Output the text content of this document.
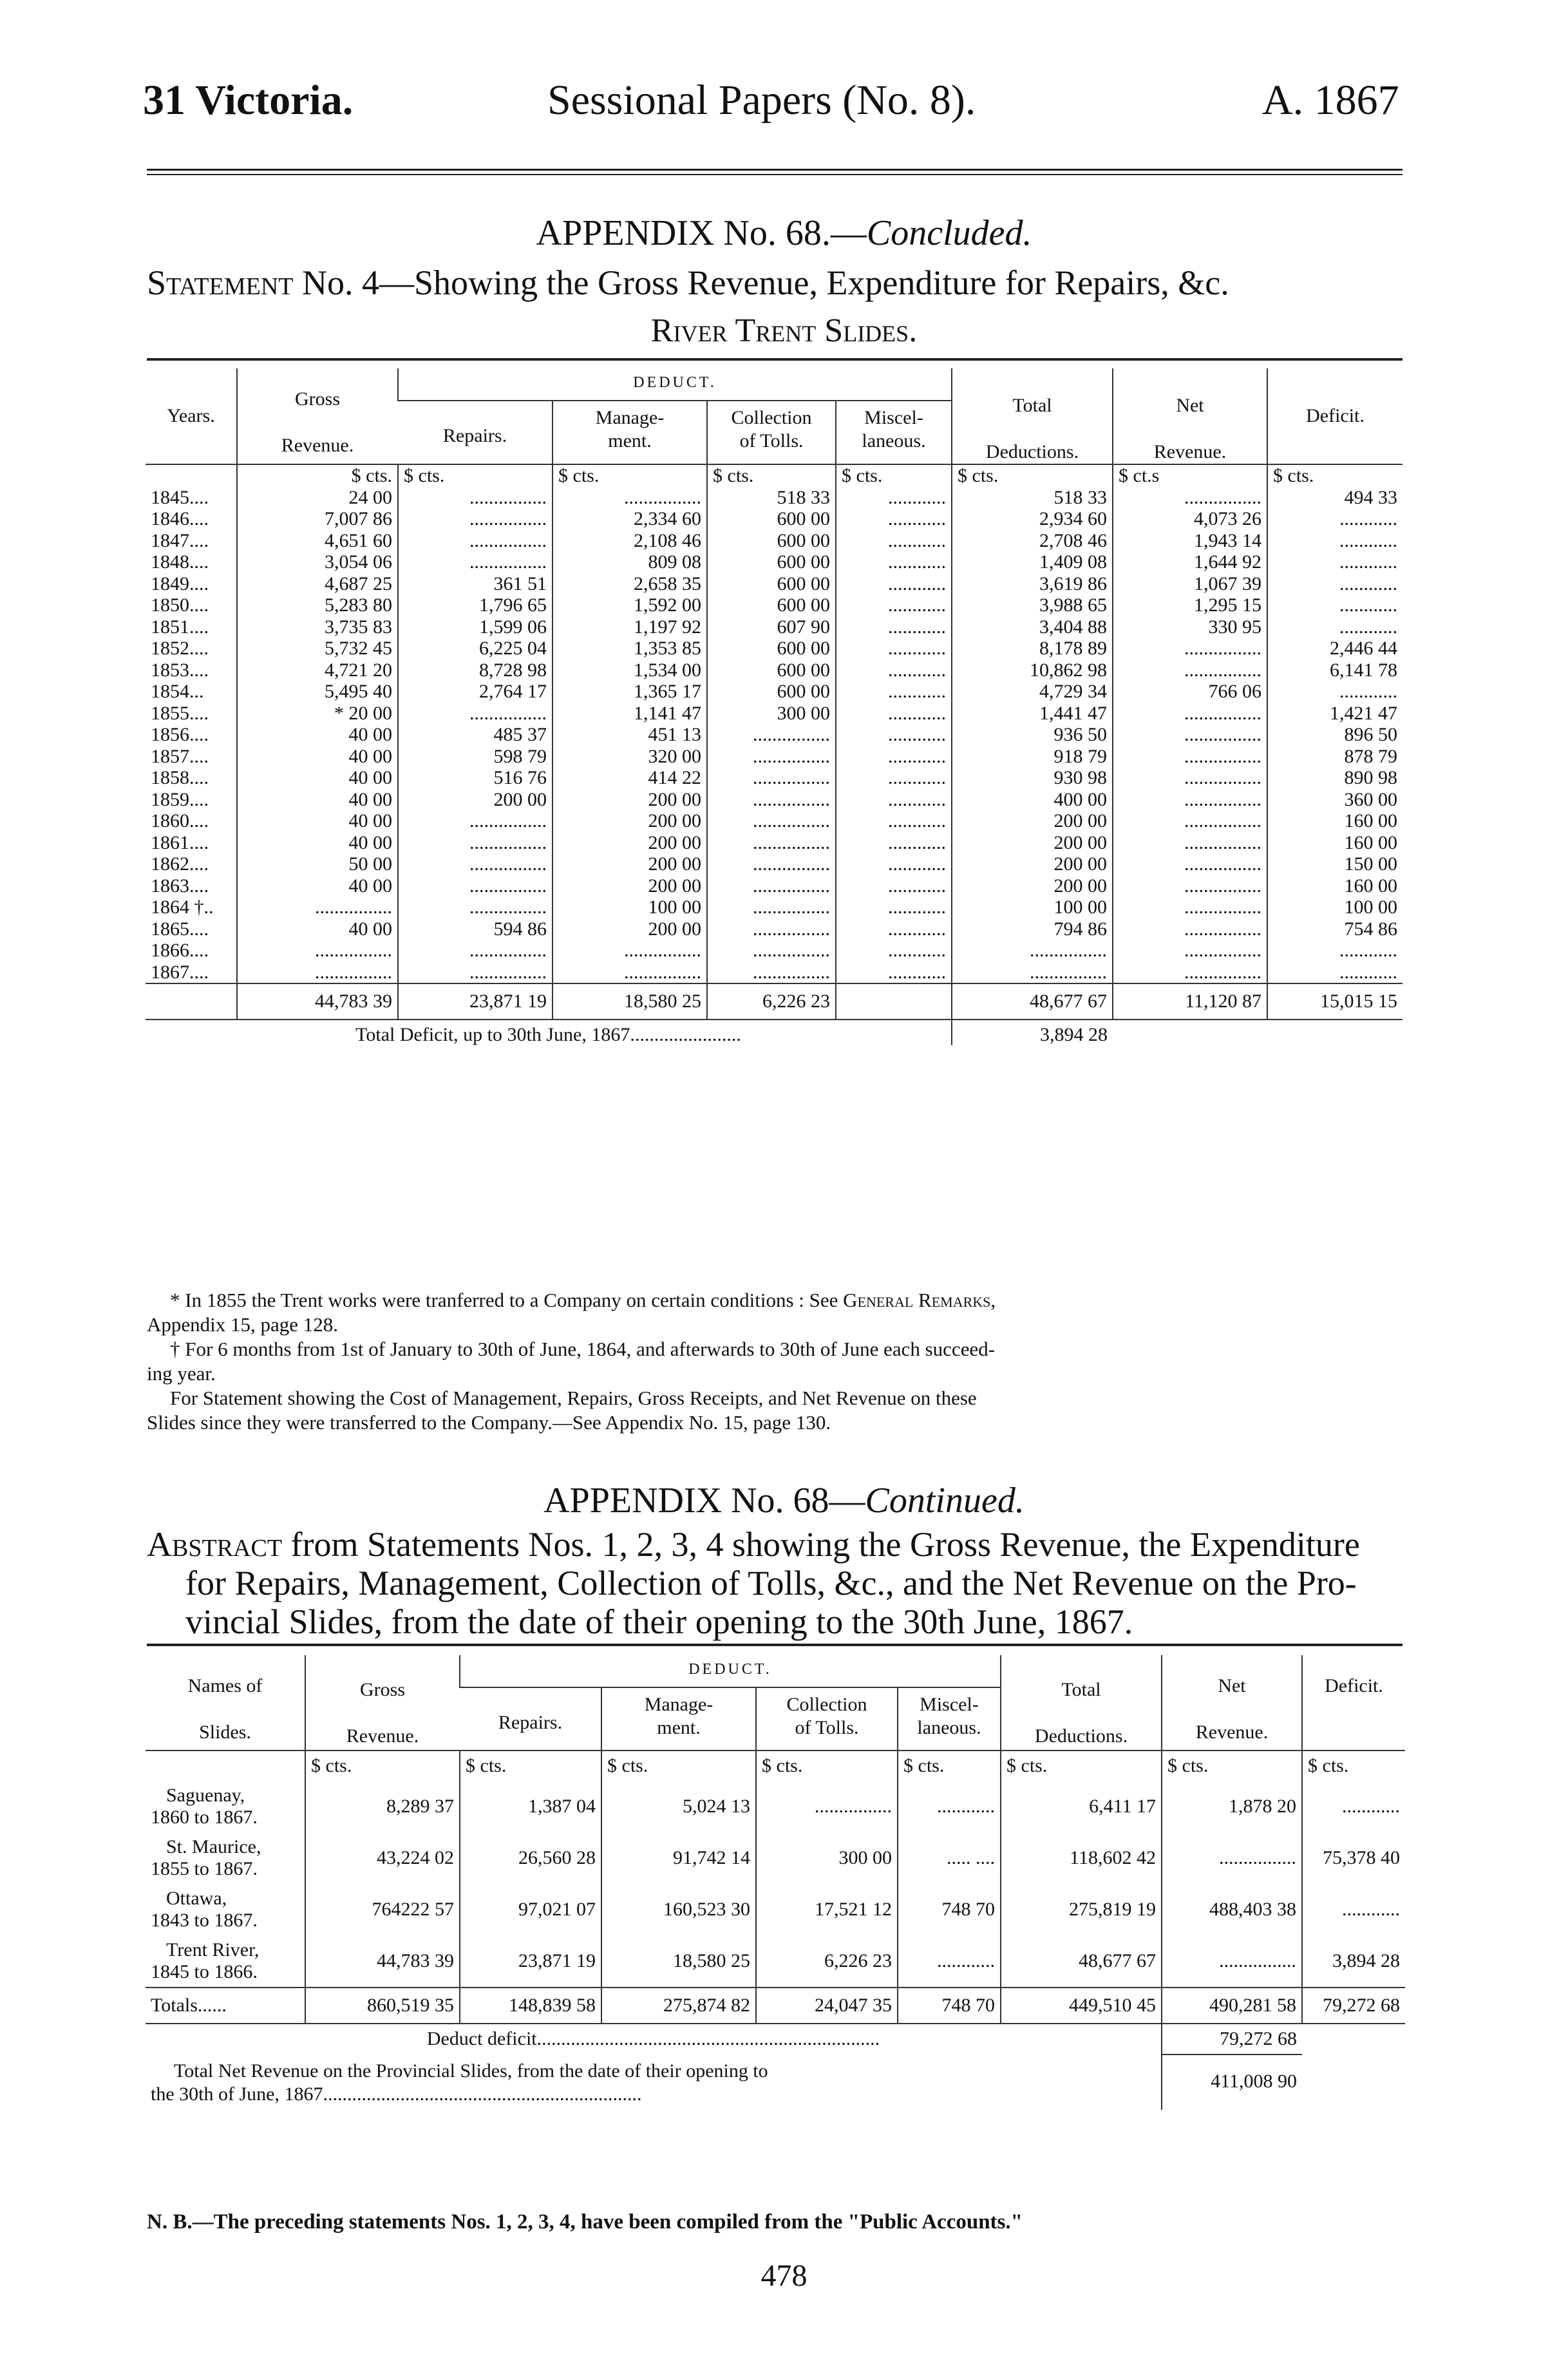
31 Victoria.	Sessional Papers (No. 8).	A. 1867
APPENDIX No. 68.—Concluded.
Statement No. 4—Showing the Gross Revenue, Expenditure for Repairs, &c.
River Trent Slides.
Years.	Gross

Revenue.	DEDUCT.				Total

Deductions.	Net

Revenue.	Deficit.
		Repairs.	Manage-
ment.	Collection
of Tolls.	Miscel-
laneous.			
	$ cts.	$ cts.	$ cts.	$ cts.	$ cts.	$ cts.	$ ct.s	$ cts.
1845....	24 00	................	................	518 33	............	518 33	................	494 33
1846....	7,007 86	................	2,334 60	600 00	............	2,934 60	4,073 26	............
1847....	4,651 60	................	2,108 46	600 00	............	2,708 46	1,943 14	............
1848....	3,054 06	................	809 08	600 00	............	1,409 08	1,644 92	............
1849....	4,687 25	361 51	2,658 35	600 00	............	3,619 86	1,067 39	............
1850....	5,283 80	1,796 65	1,592 00	600 00	............	3,988 65	1,295 15	............
1851....	3,735 83	1,599 06	1,197 92	607 90	............	3,404 88	330 95	............
1852....	5,732 45	6,225 04	1,353 85	600 00	............	8,178 89	................	2,446 44
1853....	4,721 20	8,728 98	1,534 00	600 00	............	10,862 98	................	6,141 78
1854...	5,495 40	2,764 17	1,365 17	600 00	............	4,729 34	766 06	............
1855....	* 20 00	................	1,141 47	300 00	............	1,441 47	................	1,421 47
1856....	40 00	485 37	451 13	................	............	936 50	................	896 50
1857....	40 00	598 79	320 00	................	............	918 79	................	878 79
1858....	40 00	516 76	414 22	................	............	930 98	................	890 98
1859....	40 00	200 00	200 00	................	............	400 00	................	360 00
1860....	40 00	................	200 00	................	............	200 00	................	160 00
1861....	40 00	................	200 00	................	............	200 00	................	160 00
1862....	50 00	................	200 00	................	............	200 00	................	150 00
1863....	40 00	................	200 00	................	............	200 00	................	160 00
1864 †..	................	................	100 00	................	............	100 00	................	100 00
1865....	40 00	594 86	200 00	................	............	794 86	................	754 86
1866....	................	................	................	................	............	................	................	............
1867....	................	................	................	................	............	................	................	............
	44,783 39	23,871 19	18,580 25	6,226 23		48,677 67	11,120 87	15,015 15
Total Deficit, up to 30th June, 1867.......................						3,894 28		

* In 1855 the Trent works were tranferred to a Company on certain conditions : See General Remarks,

Appendix 15, page 128.

† For 6 months from 1st of January to 30th of June, 1864, and afterwards to 30th of June each succeed-

ing year.

For Statement showing the Cost of Management, Repairs, Gross Receipts, and Net Revenue on these

Slides since they were transferred to the Company.—See Appendix No. 15, page 130.

APPENDIX No. 68—Continued.
Abstract from Statements Nos. 1, 2, 3, 4 showing the Gross Revenue, the Expenditure
for Repairs, Management, Collection of Tolls, &c., and the Net Revenue on the Pro-
vincial Slides, from the date of their opening to the 30th June, 1867.
Names of

Slides.	Gross

Revenue.	DEDUCT.				Total

Deductions.	Net

Revenue.	Deficit.
		Repairs.	Manage-
ment.	Collection
of Tolls.	Miscel-
laneous.			
	$ cts.	$ cts.	$ cts.	$ cts.	$ cts.	$ cts.	$ cts.	$ cts.

Saguenay,
1860 to 1867.	8,289 37	1,387 04	5,024 13	................	............	6,411 17	1,878 20	............

St. Maurice,
1855 to 1867.	43,224 02	26,560 28	91,742 14	300 00	..... ....	118,602 42	................	75,378 40

Ottawa,
1843 to 1867.	764222 57	97,021 07	160,523 30	17,521 12	748 70	275,819 19	488,403 38	............

Trent River,
1845 to 1866.	44,783 39	23,871 19	18,580 25	6,226 23	............	48,677 67	................	3,894 28
Totals......	860,519 35	148,839 58	275,874 82	24,047 35	748 70	449,510 45	490,281 58	79,272 68
Deduct deficit.......................................................................							79,272 68	

Total Net Revenue on the Provincial Slides, from the date of their opening to
the 30th of June, 1867..................................................................							411,008 90	
N. B.—The preceding statements Nos. 1, 2, 3, 4, have been compiled from the "Public Accounts."
478
